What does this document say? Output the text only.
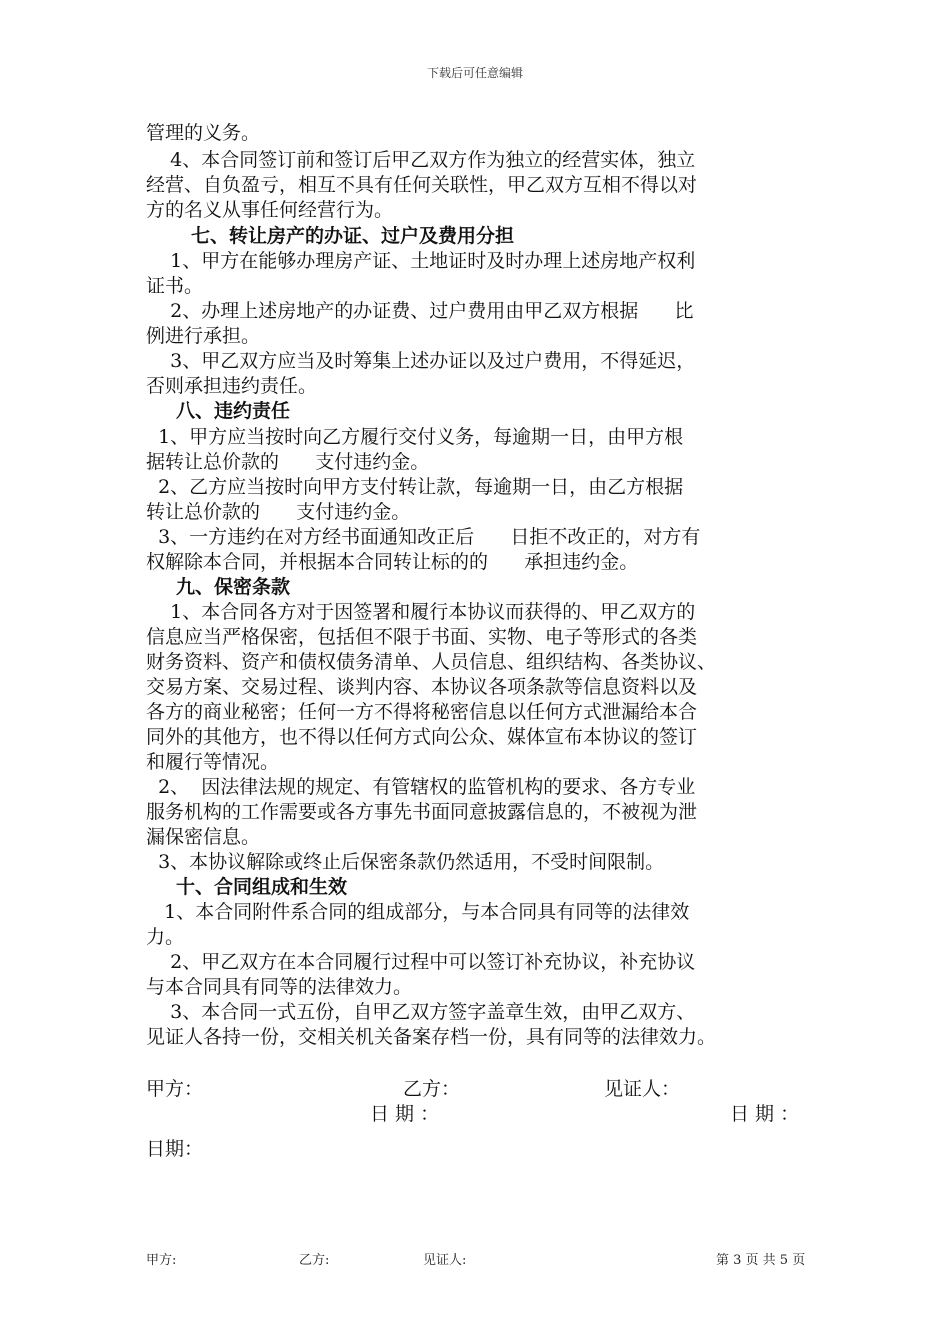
下载后可任意编辑
管理的义务。
4、本合同签订前和签订后甲乙双方作为独立的经营实体，独立
经营、自负盈亏，相互不具有任何关联性，甲乙双方互相不得以对
方的名义从事任何经营行为。
七、转让房产的办证、过户及费用分担
1、甲方在能够办理房产证、土地证时及时办理上述房地产权利
证书。
2、办理上述房地产的办证费、过户费用由甲乙双方根据      比
例进行承担。
3、甲乙双方应当及时筹集上述办证以及过户费用，不得延迟，
否则承担违约责任。
八、违约责任
1、甲方应当按时向乙方履行交付义务，每逾期一日，由甲方根
据转让总价款的      支付违约金。
2、乙方应当按时向甲方支付转让款，每逾期一日，由乙方根据
转让总价款的      支付违约金。
3、一方违约在对方经书面通知改正后      日拒不改正的，对方有
权解除本合同，并根据本合同转让标的的      承担违约金。
九、保密条款
1、本合同各方对于因签署和履行本协议而获得的、甲乙双方的
信息应当严格保密，包括但不限于书面、实物、电子等形式的各类
财务资料、资产和债权债务清单、人员信息、组织结构、各类协议、
交易方案、交易过程、谈判内容、本协议各项条款等信息资料以及
各方的商业秘密；任何一方不得将秘密信息以任何方式泄漏给本合
同外的其他方，也不得以任何方式向公众、媒体宣布本协议的签订
和履行等情况。
2、  因法律法规的规定、有管辖权的监管机构的要求、各方专业
服务机构的工作需要或各方事先书面同意披露信息的，不被视为泄
漏保密信息。
3、本协议解除或终止后保密条款仍然适用，不受时间限制。
十、合同组成和生效
1、本合同附件系合同的组成部分，与本合同具有同等的法律效
力。
2、甲乙双方在本合同履行过程中可以签订补充协议，补充协议
与本合同具有同等的法律效力。
3、本合同一式五份，自甲乙双方签字盖章生效，由甲乙双方、
见证人各持一份，交相关机关备案存档一份，具有同等的法律效力。
甲方：	乙方：	见证人：
日 期 ：	日 期 ：
日期：
甲方:	乙方:	见证人:	第 3 页 共 5 页
